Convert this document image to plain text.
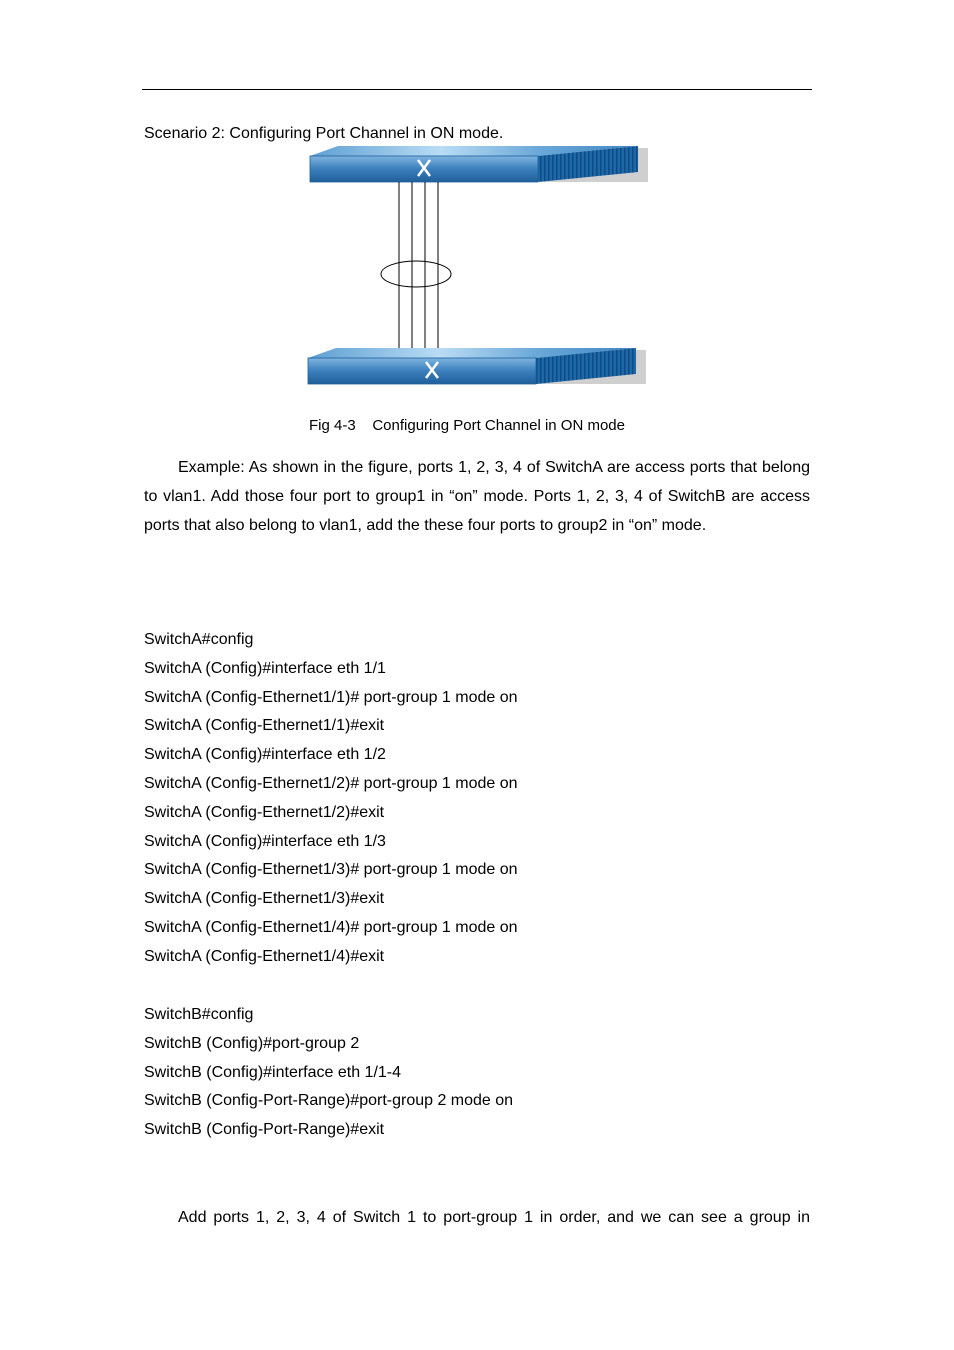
Scenario 2: Configuring Port Channel in ON mode.
Fig 4-3    Configuring Port Channel in ON mode
Example: As shown in the figure, ports 1, 2, 3, 4 of SwitchA are access ports that belong to vlan1. Add those four port to group1 in “on” mode. Ports 1, 2, 3, 4 of SwitchB are access ports that also belong to vlan1, add the these four ports to group2 in “on” mode.
SwitchA#config
SwitchA (Config)#interface eth 1/1
SwitchA (Config-Ethernet1/1)# port-group 1 mode on
SwitchA (Config-Ethernet1/1)#exit
SwitchA (Config)#interface eth 1/2
SwitchA (Config-Ethernet1/2)# port-group 1 mode on
SwitchA (Config-Ethernet1/2)#exit
SwitchA (Config)#interface eth 1/3
SwitchA (Config-Ethernet1/3)# port-group 1 mode on
SwitchA (Config-Ethernet1/3)#exit
SwitchA (Config-Ethernet1/4)# port-group 1 mode on
SwitchA (Config-Ethernet1/4)#exit
SwitchB#config
SwitchB (Config)#port-group 2
SwitchB (Config)#interface eth 1/1-4
SwitchB (Config-Port-Range)#port-group 2 mode on
SwitchB (Config-Port-Range)#exit
Add ports 1, 2, 3, 4 of Switch 1 to port-group 1 in order, and we can see a group in
